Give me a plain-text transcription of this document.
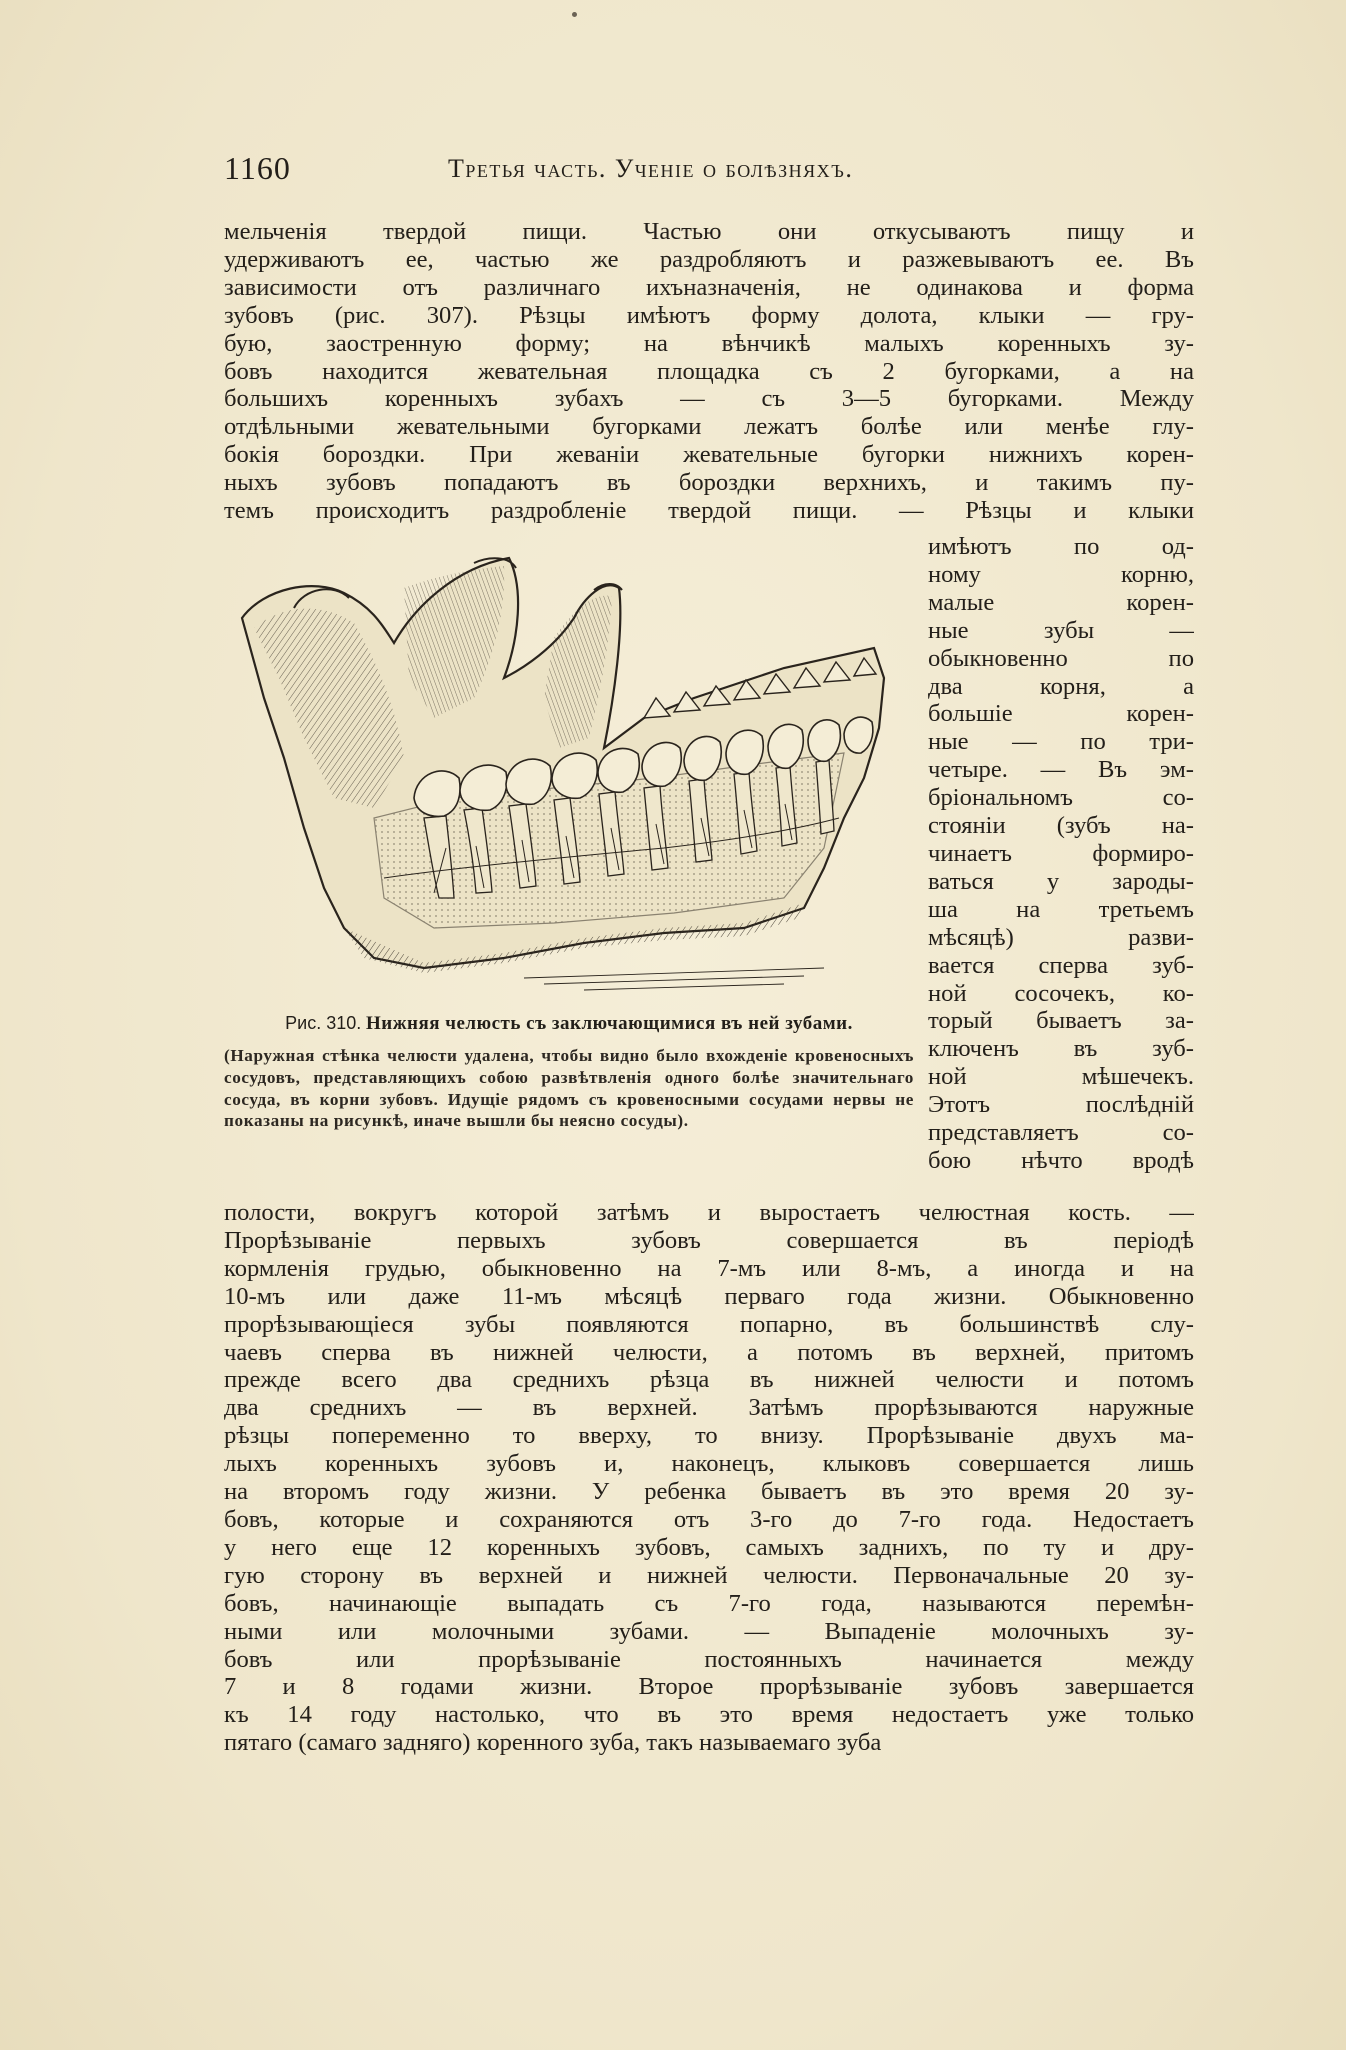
1160	Третья часть. Ученіе о болѣзняхъ.
мельченія твердой пищи. Частью они откусываютъ пищу и
удерживаютъ ее, частью же раздробляютъ и разжевываютъ ее. Въ
зависимости отъ различнаго ихъназначенія, не одинакова и форма
зубовъ (рис. 307). Рѣзцы имѣютъ форму долота, клыки — гру-
бую, заостренную форму; на вѣнчикѣ малыхъ коренныхъ зу-
бовъ находится жевательная площадка съ 2 бугорками, а на
большихъ коренныхъ зубахъ — съ 3—5 бугорками. Между
отдѣльными жевательными бугорками лежатъ болѣе или менѣе глу-
бокія бороздки. При жеваніи жевательные бугорки нижнихъ корен-
ныхъ зубовъ попадаютъ въ бороздки верхнихъ, и такимъ пу-
темъ происходитъ раздробленіе твердой пищи. — Рѣзцы и клыки
Рис. 310. Нижняя челюсть съ заключающимися въ ней зубами.
(Наружная стѣнка челюсти удалена, чтобы видно было вхожденіе кровеносныхъ сосудовъ, представляющихъ собою развѣтвленія одного болѣе значительнаго сосуда, въ корни зубовъ. Идущіе рядомъ съ кровеносными сосудами нервы не показаны на рисункѣ, иначе вышли бы неясно сосуды).
имѣютъ по од-
ному корню,
малые корен-
ные зубы —
обыкновенно по
два корня, а
большіе корен-
ные — по три-
четыре. — Въ эм-
бріональномъ со-
стояніи (зубъ на-
чинаетъ формиро-
ваться у зароды-
ша на третьемъ
мѣсяцѣ) разви-
вается сперва зуб-
ной сосочекъ, ко-
торый бываетъ за-
ключенъ въ зуб-
ной мѣшечекъ.
Этотъ послѣдній
представляетъ со-
бою нѣчто вродѣ
полости, вокругъ которой затѣмъ и выростаетъ челюстная кость. —
Прорѣзываніе первыхъ зубовъ совершается въ періодѣ
кормленія грудью, обыкновенно на 7-мъ или 8-мъ, а иногда и на
10-мъ или даже 11-мъ мѣсяцѣ перваго года жизни. Обыкновенно
прорѣзывающіеся зубы появляются попарно, въ большинствѣ слу-
чаевъ сперва въ нижней челюсти, а потомъ въ верхней, притомъ
прежде всего два среднихъ рѣзца въ нижней челюсти и потомъ
два среднихъ — въ верхней. Затѣмъ прорѣзываются наружные
рѣзцы попеременно то вверху, то внизу. Прорѣзываніе двухъ ма-
лыхъ коренныхъ зубовъ и, наконецъ, клыковъ совершается лишь
на второмъ году жизни. У ребенка бываетъ въ это время 20 зу-
бовъ, которые и сохраняются отъ 3-го до 7-го года. Недостаетъ
у него еще 12 коренныхъ зубовъ, самыхъ заднихъ, по ту и дру-
гую сторону въ верхней и нижней челюсти. Первоначальные 20 зу-
бовъ, начинающіе выпадать съ 7-го года, называются перемѣн-
ными или молочными зубами. — Выпаденіе молочныхъ зу-
бовъ или прорѣзываніе постоянныхъ начинается между
7 и 8 годами жизни. Второе прорѣзываніе зубовъ завершается
къ 14 году настолько, что въ это время недостаетъ уже только
пятаго (самаго задняго) коренного зуба, такъ называемаго зуба
